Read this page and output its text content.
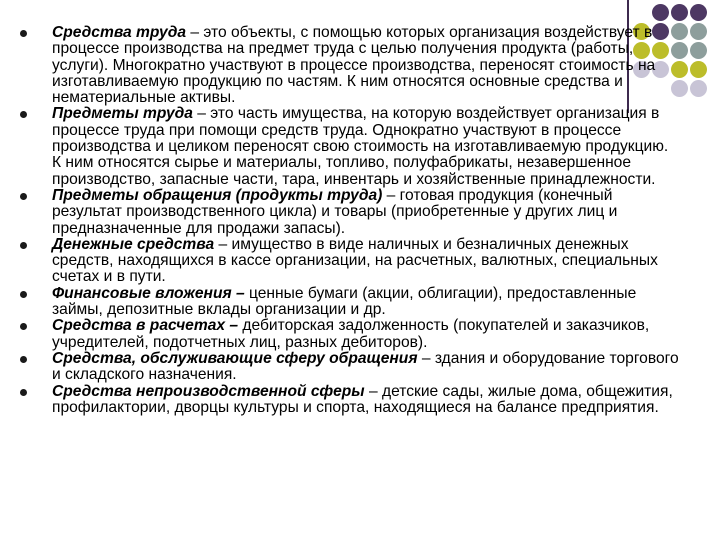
Средства труда – это объекты, с помощью которых организация воздействует в процессе производства на предмет труда с целью получения продукта (работы, услуги). Многократно участвуют в процессе производства, переносят стоимость на изготавливаемую продукцию по частям. К ним относятся основные средства и нематериальные активы.
Предметы труда – это часть имущества, на которую воздействует организация в процессе труда при помощи средств труда. Однократно участвуют в процессе производства и целиком переносят свою стоимость на изготавливаемую продукцию. К ним относятся сырье и материалы, топливо, полуфабрикаты, незавершенное производство, запасные части, тара, инвентарь и хозяйственные принадлежности.
Предметы обращения (продукты труда) – готовая продукция (конечный результат производственного цикла) и товары (приобретенные у других лиц и предназначенные для продажи запасы).
Денежные средства – имущество в виде наличных и безналичных денежных средств, находящихся в кассе организации, на расчетных, валютных, специальных счетах и в пути.
Финансовые вложения – ценные бумаги (акции, облигации), предоставленные займы, депозитные вклады организации и др.
Средства в расчетах – дебиторская задолженность (покупателей и заказчиков, учредителей, подотчетных лиц, разных дебиторов).
Средства, обслуживающие сферу обращения – здания и оборудование торгового и складского назначения.
Средства непроизводственной сферы – детские сады, жилые дома, общежития, профилактории, дворцы культуры и спорта, находящиеся на балансе предприятия.
